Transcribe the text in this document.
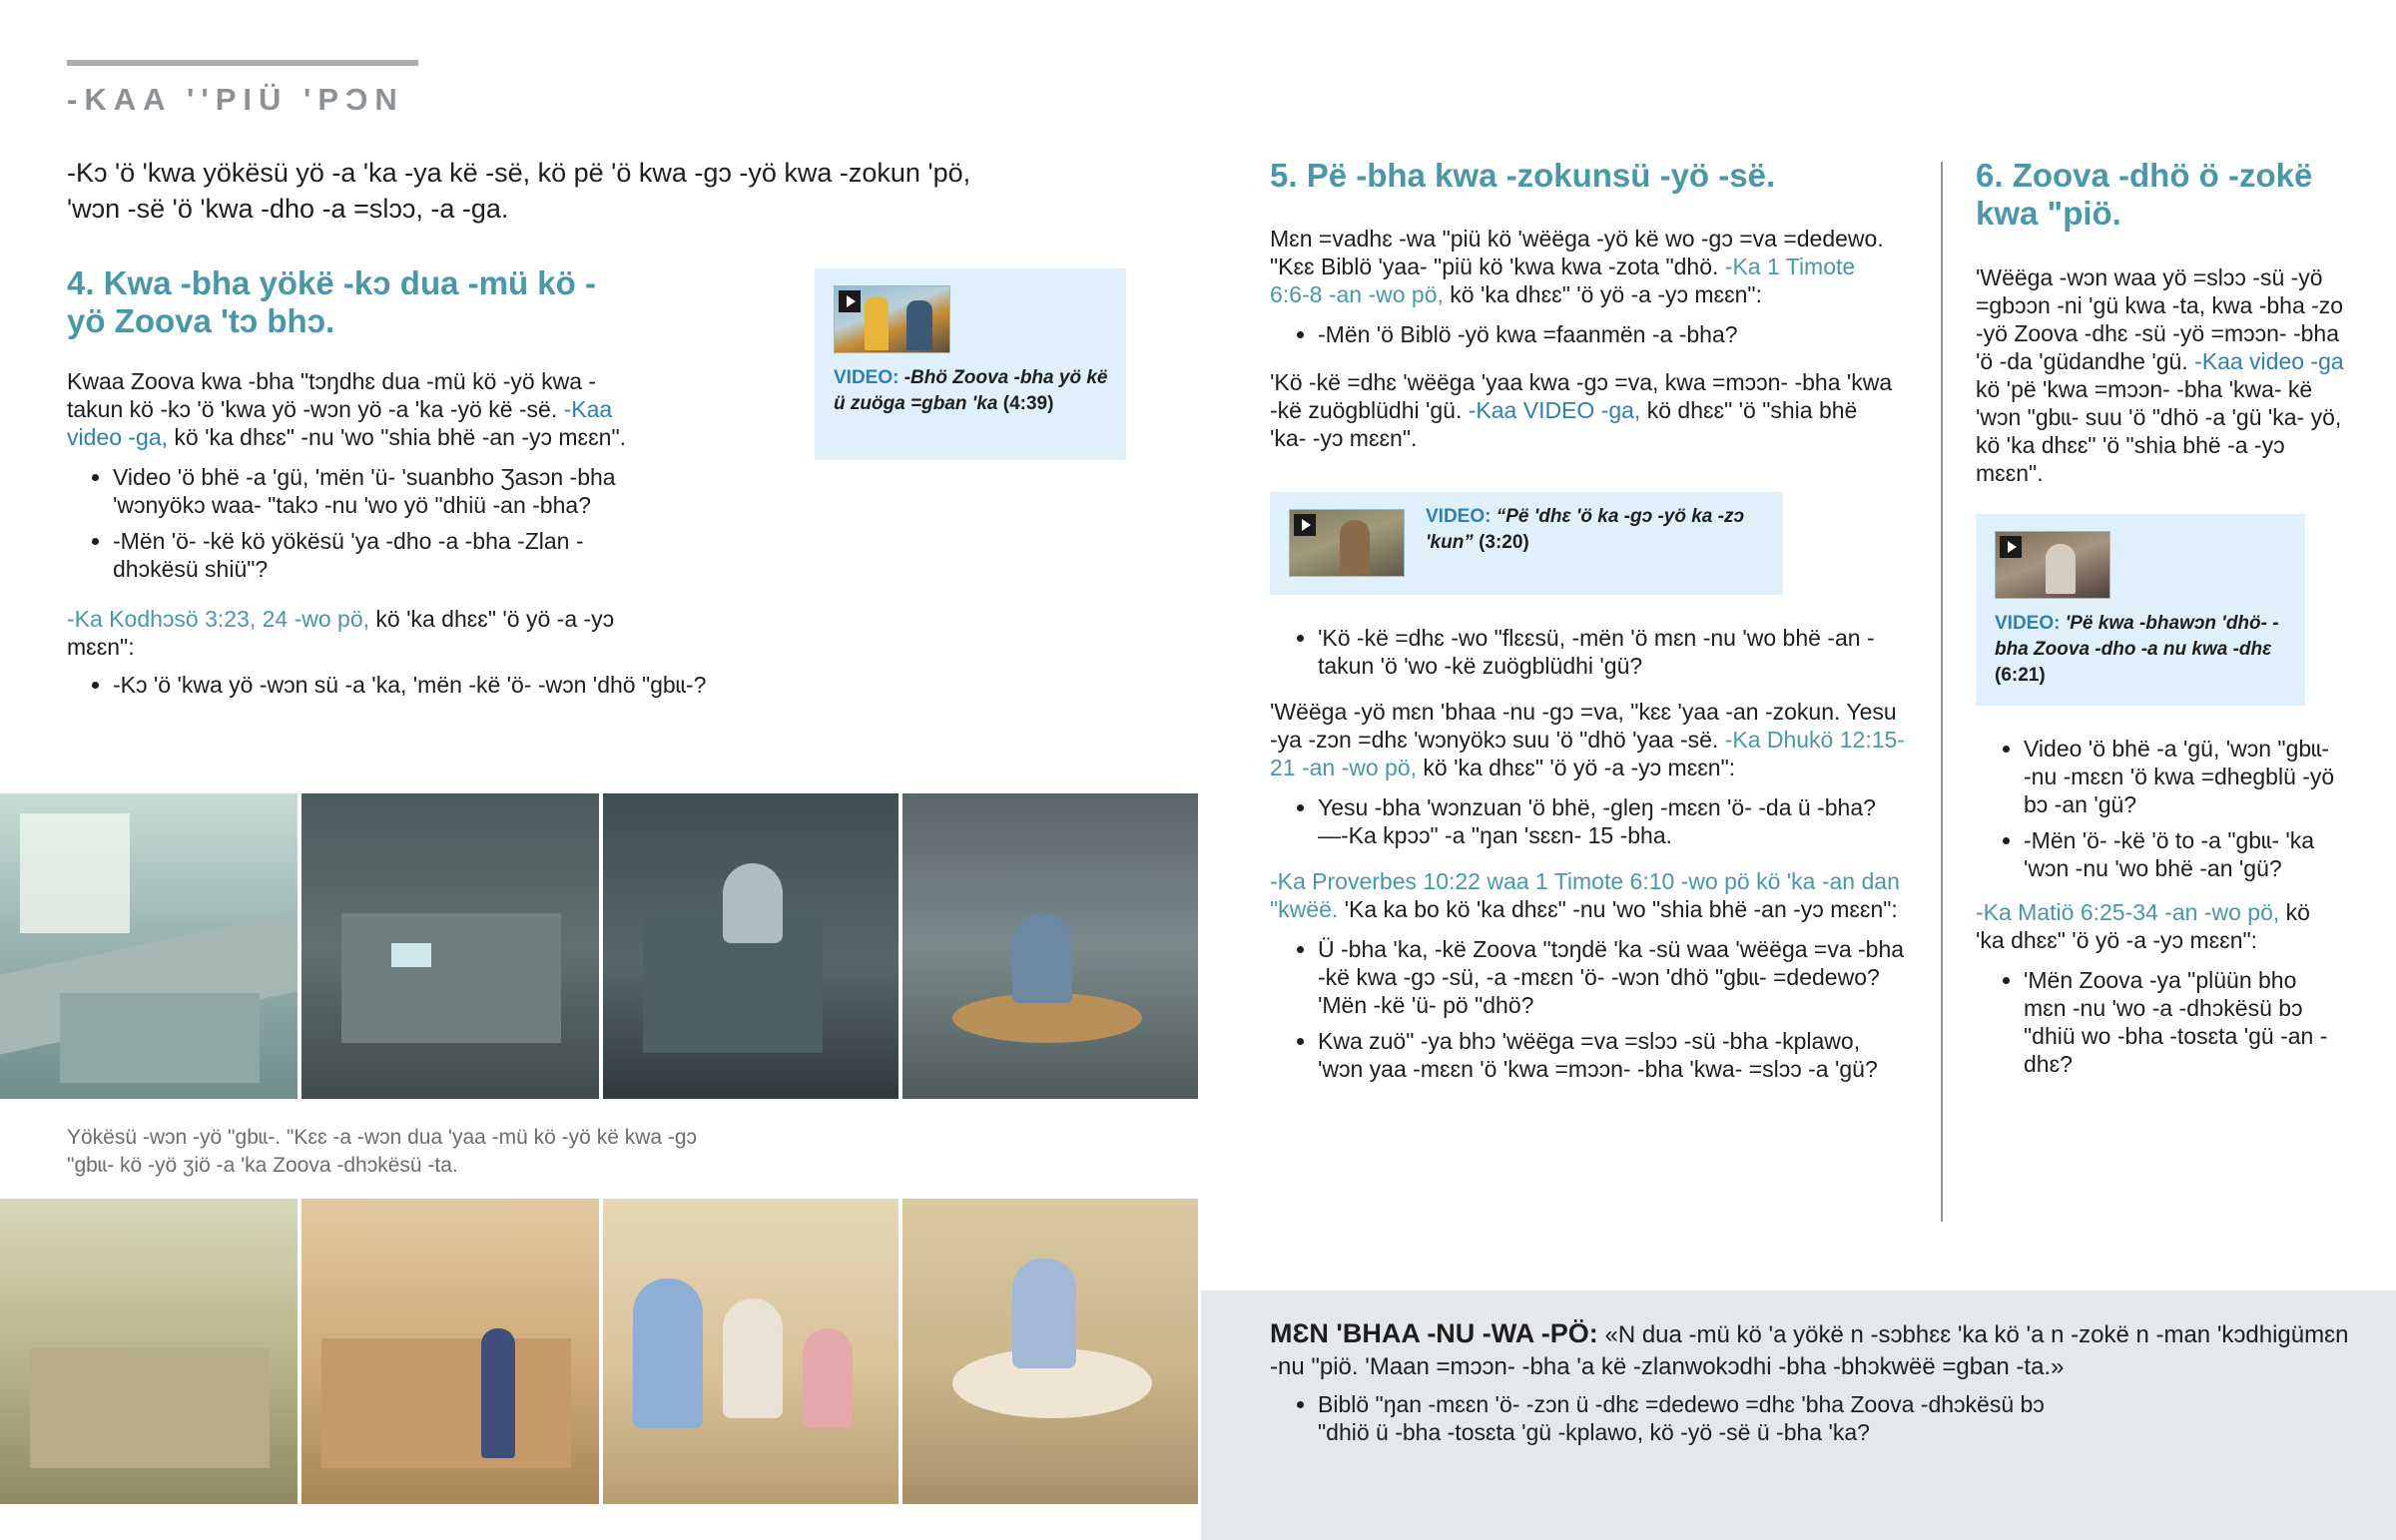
-KAA ''PIÜ 'PƆN
-Kɔ 'ö 'kwa yökësü yö -a 'ka -ya kë -së, kö pë 'ö kwa -gɔ -yö kwa -zokun 'pö, 'wɔn -së 'ö 'kwa -dho -a =slɔɔ, -a -ga.
4. Kwa -bha yökë -kɔ dua -mü kö -yö Zoova 'tɔ bhɔ.

Kwaa Zoova kwa -bha "tɔŋdhɛ dua -mü kö -yö kwa -takun kö -kɔ 'ö 'kwa yö -wɔn yö -a 'ka -yö kë -së. -Kaa video -ga, kö 'ka dhɛɛ" -nu 'wo "shia bhë -an -yɔ mɛɛn".

• Video 'ö bhë -a 'gü, 'mën 'ü- 'suanbho Ʒasɔn -bha 'wɔnyökɔ waa- "takɔ -nu 'wo yö "dhiü -an -bha?
• -Mën 'ö- -kë kö yökësü 'ya -dho -a -bha -Zlan -dhɔkësü shiü"?

-Ka Kodhɔsö 3:23, 24 -wo pö, kö 'ka dhɛɛ" 'ö yö -a -yɔ mɛɛn":

• -Kɔ 'ö 'kwa yö -wɔn sü -a 'ka, 'mën -kë 'ö- -wɔn 'dhö "gbɩɩ-?
VIDEO: -Bhö Zoova -bha yö kë ü zuöga =gban 'ka (4:39)
Yökësü -wɔn -yö "gbɩɩ-. "Kɛɛ -a -wɔn dua 'yaa -mü kö -yö kë kwa -gɔ "gbɩɩ- kö -yö ʒiö -a 'ka Zoova -dhɔkësü -ta.
5. Pë -bha kwa -zokunsü -yö -së.

Mɛn =vadhɛ -wa "piü kö 'wëëga -yö kë wo -gɔ =va =dedewo. "Kɛɛ Biblö 'yaa- "piü kö 'kwa kwa -zota "dhö. -Ka 1 Timote 6:6-8 -an -wo pö, kö 'ka dhɛɛ" 'ö yö -a -yɔ mɛɛn":

• -Mën 'ö Biblö -yö kwa =faanmën -a -bha?

'Kö -kë =dhɛ 'wëëga 'yaa kwa -gɔ =va, kwa =mɔɔn- -bha 'kwa -kë zuögblüdhi 'gü. -Kaa VIDEO -ga, kö dhɛɛ" 'ö "shia bhë 'ka- -yɔ mɛɛn".

VIDEO: “Pë 'dhɛ 'ö ka -gɔ -yö ka -zɔ 'kun” (3:20)
• 'Kö -kë =dhɛ -wo "flɛɛsü, -mën 'ö mɛn -nu 'wo bhë -an -takun 'ö 'wo -kë zuögblüdhi 'gü?

'Wëëga -yö mɛn 'bhaa -nu -gɔ =va, "kɛɛ 'yaa -an -zokun. Yesu -ya -zɔn =dhɛ 'wɔnyökɔ suu 'ö "dhö 'yaa -së. -Ka Dhukö 12:15-21 -an -wo pö, kö 'ka dhɛɛ" 'ö yö -a -yɔ mɛɛn":

• Yesu -bha 'wɔnzuan 'ö bhë, -gleŋ -mɛɛn 'ö- -da ü -bha? —-Ka kpɔɔ" -a "ŋan 'sɛɛn- 15 -bha.

-Ka Proverbes 10:22 waa 1 Timote 6:10 -wo pö kö 'ka -an dan "kwëë. 'Ka ka bo kö 'ka dhɛɛ" -nu 'wo "shia bhë -an -yɔ mɛɛn":

• Ü -bha 'ka, -kë Zoova "tɔŋdë 'ka -sü waa 'wëëga =va -bha -kë kwa -gɔ -sü, -a -mɛɛn 'ö- -wɔn 'dhö "gbɩɩ- =dedewo? 'Mën -kë 'ü- pö "dhö?
• Kwa zuö" -ya bhɔ 'wëëga =va =slɔɔ -sü -bha -kplawo, 'wɔn yaa -mɛɛn 'ö 'kwa =mɔɔn- -bha 'kwa- =slɔɔ -a 'gü?
6. Zoova -dhö ö -zokë kwa "piö.

'Wëëga -wɔn waa yö =slɔɔ -sü -yö =gbɔɔn -ni 'gü kwa -ta, kwa -bha -zo -yö Zoova -dhɛ -sü -yö =mɔɔn- -bha 'ö -da 'güdandhe 'gü. -Kaa video -ga kö 'pë 'kwa =mɔɔn- -bha 'kwa- kë 'wɔn "gbɩɩ- suu 'ö "dhö -a 'gü 'ka- yö, kö 'ka dhɛɛ" 'ö "shia bhë -a -yɔ mɛɛn".

VIDEO: 'Pë kwa -bhawɔn 'dhö- -bha Zoova -dho -a nu kwa -dhɛ (6:21)
• Video 'ö bhë -a 'gü, 'wɔn "gbɩɩ- -nu -mɛɛn 'ö kwa =dhegblü -yö bɔ -an 'gü?
• -Mën 'ö- -kë 'ö to -a "gbɩɩ- 'ka 'wɔn -nu 'wo bhë -an 'gü?

-Ka Matiö 6:25-34 -an -wo pö, kö 'ka dhɛɛ" 'ö yö -a -yɔ mɛɛn":

• 'Mën Zoova -ya "plüün bho mɛn -nu 'wo -a -dhɔkësü bɔ "dhiü wo -bha -tosɛta 'gü -an -dhɛ?

MƐN 'BHAA -NU -WA -PÖ: «N dua -mü kö 'a yökë n -sɔbhɛɛ 'ka kö 'a n -zokë n -man 'kɔdhigümɛn -nu "piö. 'Maan =mɔɔn- -bha 'a kë -zlanwokɔdhi -bha -bhɔkwëë =gban -ta.»

• Biblö "ŋan -mɛɛn 'ö- -zɔn ü -dhɛ =dedewo =dhɛ 'bha Zoova -dhɔkësü bɔ "dhiö ü -bha -tosɛta 'gü -kplawo, kö -yö -së ü -bha 'ka?
